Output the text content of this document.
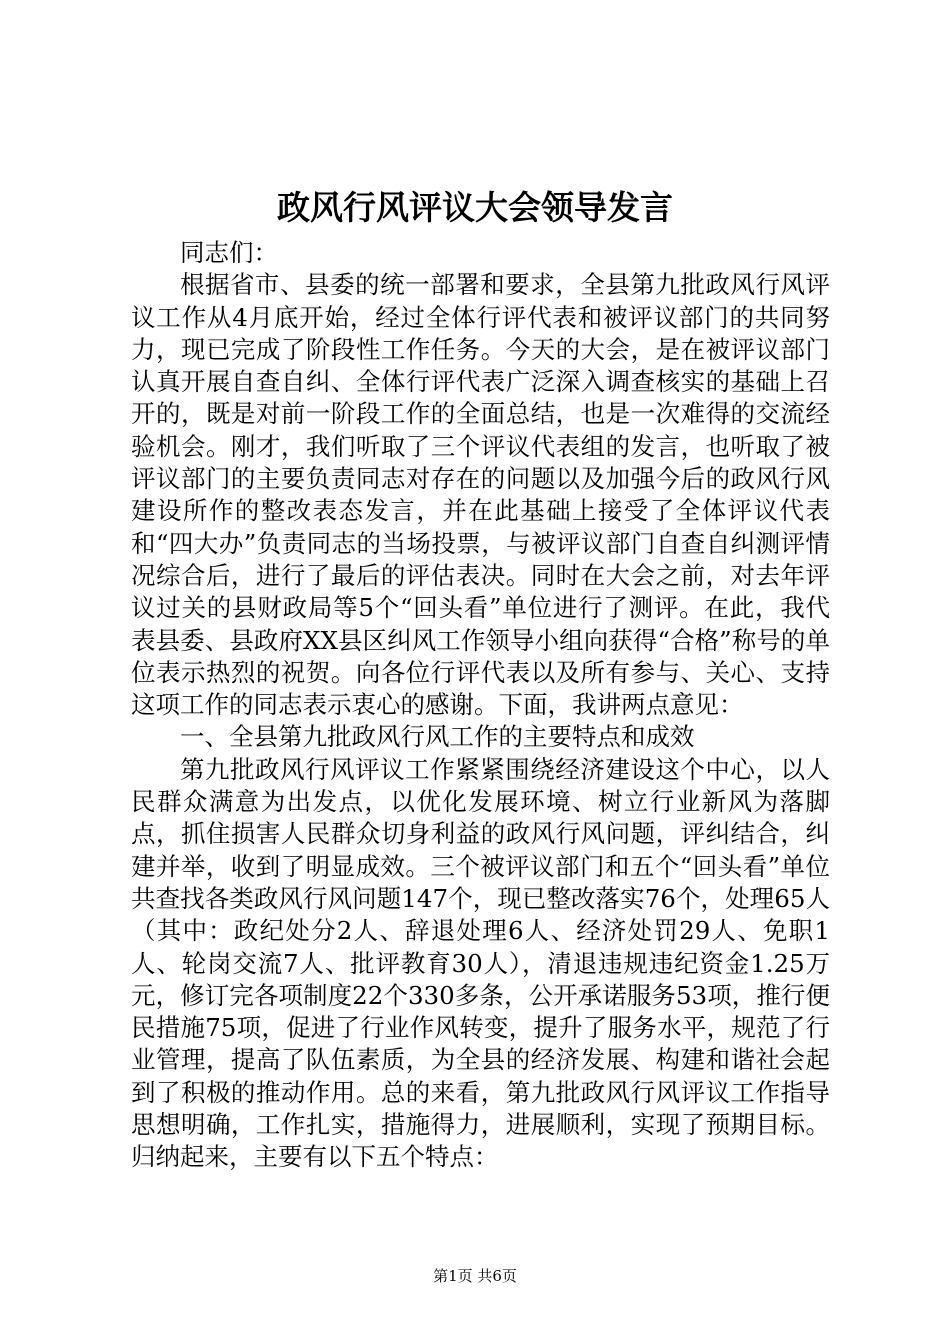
政风行风评议大会领导发言

同志们：

根据省市、县委的统一部署和要求，全县第九批政风行风评议工作从4月底开始，经过全体行评代表和被评议部门的共同努力，现已完成了阶段性工作任务。今天的大会，是在被评议部门认真开展自查自纠、全体行评代表广泛深入调查核实的基础上召开的，既是对前一阶段工作的全面总结，也是一次难得的交流经验机会。刚才，我们听取了三个评议代表组的发言，也听取了被评议部门的主要负责同志对存在的问题以及加强今后的政风行风建设所作的整改表态发言，并在此基础上接受了全体评议代表和“四大办”负责同志的当场投票，与被评议部门自查自纠测评情况综合后，进行了最后的评估表决。同时在大会之前，对去年评议过关的县财政局等5个“回头看”单位进行了测评。在此，我代表县委、县政府XX县区纠风工作领导小组向获得“合格”称号的单位表示热烈的祝贺。向各位行评代表以及所有参与、关心、支持这项工作的同志表示衷心的感谢。下面，我讲两点意见：

一、全县第九批政风行风工作的主要特点和成效

第九批政风行风评议工作紧紧围绕经济建设这个中心，以人民群众满意为出发点，以优化发展环境、树立行业新风为落脚点，抓住损害人民群众切身利益的政风行风问题，评纠结合，纠建并举，收到了明显成效。三个被评议部门和五个“回头看”单位共查找各类政风行风问题147个，现已整改落实76个，处理65人（其中：政纪处分2人、辞退处理6人、经济处罚29人、免职1人、轮岗交流7人、批评教育30人），清退违规违纪资金1.25万元，修订完各项制度22个330多条，公开承诺服务53项，推行便民措施75项，促进了行业作风转变，提升了服务水平，规范了行业管理，提高了队伍素质，为全县的经济发展、构建和谐社会起到了积极的推动作用。总的来看，第九批政风行风评议工作指导思想明确，工作扎实，措施得力，进展顺利，实现了预期目标。归纳起来，主要有以下五个特点：

第1页 共6页
